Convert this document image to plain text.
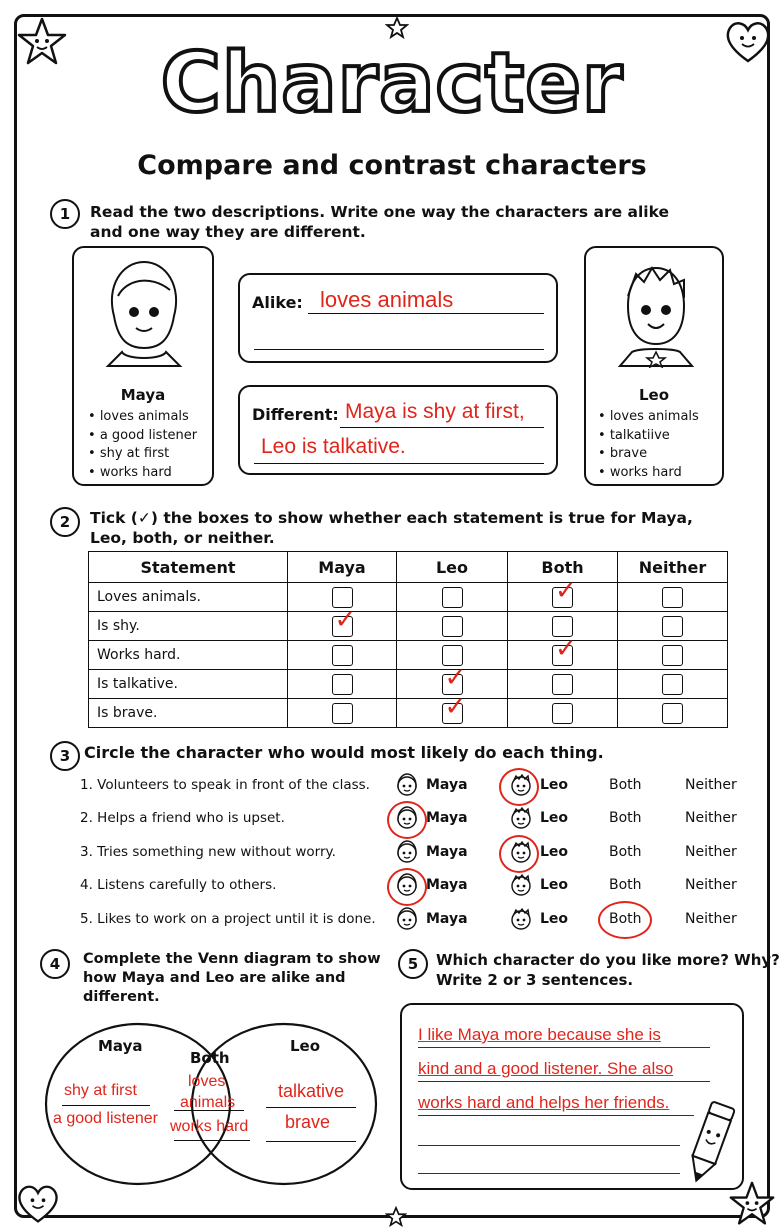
Character
Compare and contrast characters
1	Read the two descriptions. Write one way the characters are alike
and one way they are different.
Maya
• loves animals
• a good listener
• shy at first
• works hard
Leo
• loves animals
• talkatiive
• brave
• works hard
Alike: loves animals
Different: Maya is shy at first,
Leo is talkative.
2	Tick (✓) the boxes to show whether each statement is true for Maya,
Leo, both, or neither.
Statement	Maya	Leo	Both	Neither
Loves animals.			✓	

Is shy.	✓			

Works hard.			✓	

Is talkative.		✓		

Is brave.		✓		

3 Circle the character who would most likely do each thing.
1. Volunteers to speak in front of the class.	Maya	Leo	Both	Neither
2. Helps a friend who is upset.	Maya	Leo	Both	Neither
3. Tries something new without worry.	Maya	Leo	Both	Neither
4. Listens carefully to others.	Maya	Leo	Both	Neither
5. Likes to work on a project until it is done.	Maya	Leo	Both	Neither
4	Complete the Venn diagram to show
how Maya and Leo are alike and
different.
Maya
Both
Leo
shy at first
a good listener
loves
animals
works hard
talkative
brave
5	Which character do you like more? Why?
Write 2 or 3 sentences.
I like Maya more because she is
kind and a good listener. She also
works hard and helps her friends.
